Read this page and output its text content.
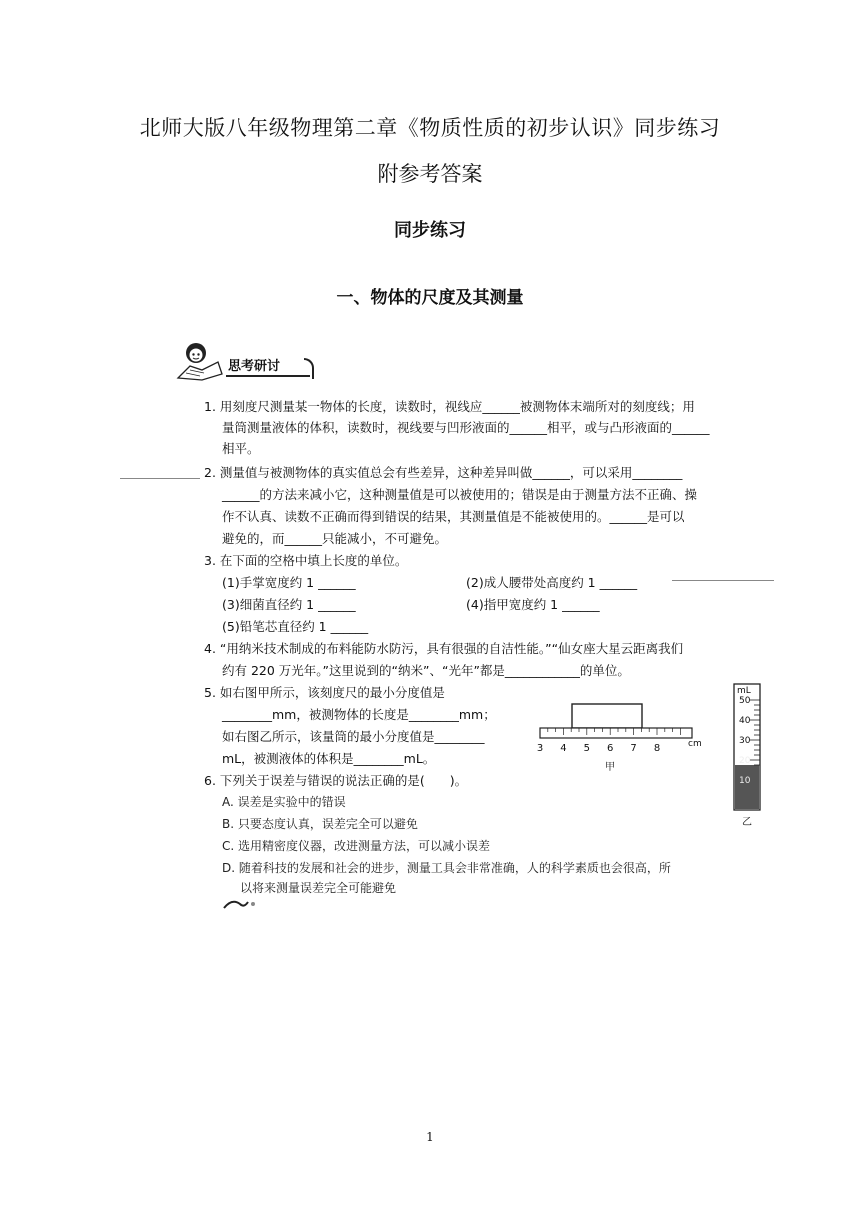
北师大版八年级物理第二章《物质性质的初步认识》同步练习
附参考答案
同步练习
一、物体的尺度及其测量
思考研讨
1. 用刻度尺测量某一物体的长度，读数时，视线应______被测物体末端所对的刻度线；用
量筒测量液体的体积，读数时，视线要与凹形液面的______相平，或与凸形液面的______
相平。
2. 测量值与被测物体的真实值总会有些差异，这种差异叫做______，可以采用________
______的方法来减小它，这种测量值是可以被使用的；错误是由于测量方法不正确、操
作不认真、读数不正确而得到错误的结果，其测量值是不能被使用的。______是可以
避免的，而______只能减小，不可避免。
3. 在下面的空格中填上长度的单位。
(1)手掌宽度约 1 ______	(2)成人腰带处高度约 1 ______
(3)细菌直径约 1 ______	(4)指甲宽度约 1 ______
(5)铅笔芯直径约 1 ______
4. “用纳米技术制成的布料能防水防污，具有很强的自洁性能。”“仙女座大星云距离我们
约有 220 万光年。”这里说到的“纳米”、“光年”都是____________的单位。
5. 如右图甲所示，该刻度尺的最小分度值是
________mm，被测物体的长度是________mm；
如右图乙所示，该量筒的最小分度值是________
mL，被测液体的体积是________mL。
3 4 5 6 7 8	cm
甲
mL
50
40
30
20
10
乙
6. 下列关于误差与错误的说法正确的是(　　)。
A. 误差是实验中的错误
B. 只要态度认真，误差完全可以避免
C. 选用精密度仪器，改进测量方法，可以减小误差
D. 随着科技的发展和社会的进步，测量工具会非常准确，人的科学素质也会很高，所
以将来测量误差完全可能避免
1
